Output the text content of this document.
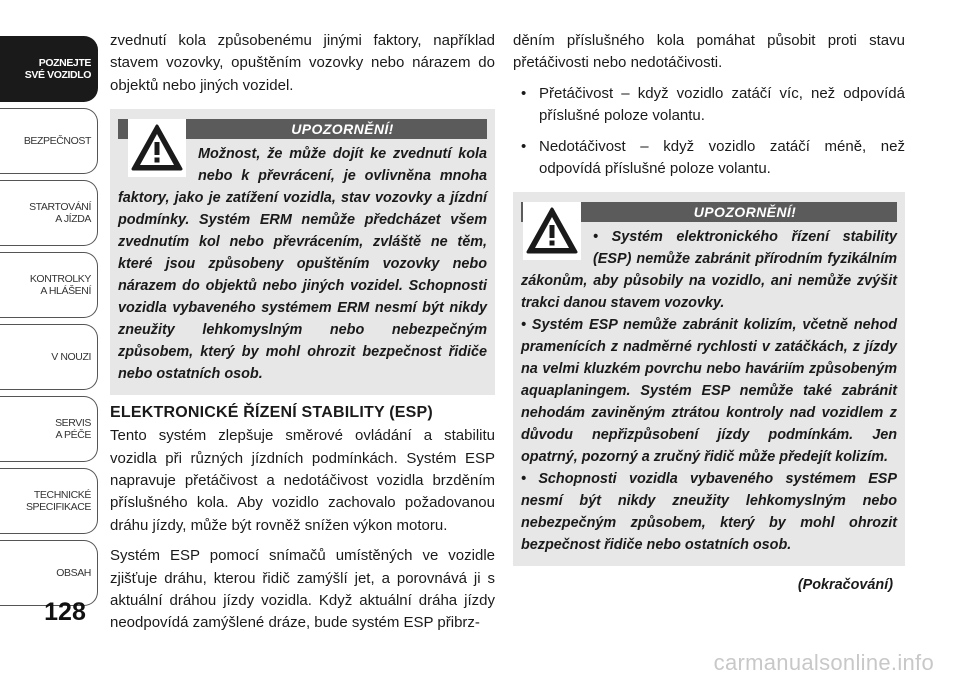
POZNEJTE
SVÉ VOZIDLO
BEZPEČNOST
STARTOVÁNÍ
A JÍZDA
KONTROLKY
A HLÁŠENÍ
V NOUZI
SERVIS
A PÉČE
TECHNICKÉ
SPECIFIKACE
OBSAH
128

zvednutí kola způsobenému jinými faktory, například stavem vozovky, opuštěním vozovky nebo nárazem do objektů nebo jiných vozidel.

UPOZORNĚNÍ!
Možnost, že může dojít ke zvednutí kola nebo k převrácení, je ovlivněna mnoha faktory, jako je zatížení vozidla, stav vozovky a jízdní podmínky. Systém ERM nemůže předcházet všem zvednutím kol nebo převrácením, zvláště ne těm, které jsou způsobeny opuštěním vozovky nebo nárazem do objektů nebo jiných vozidel. Schopnosti vozidla vybaveného systémem ERM nesmí být nikdy zneužity lehkomyslným nebo nebezpečným způsobem, který by mohl ohrozit bezpečnost řidiče nebo ostatních osob.
ELEKTRONICKÉ ŘÍZENÍ STABILITY (ESP)

Tento systém zlepšuje směrové ovládání a stabilitu vozidla při různých jízdních podmínkách. Systém ESP napravuje přetáčivost a nedotáčivost vozidla brzděním příslušného kola. Aby vozidlo zachovalo požadovanou dráhu jízdy, může být rovněž snížen výkon motoru.

Systém ESP pomocí snímačů umístěných ve vozidle zjišťuje dráhu, kterou řidič zamýšlí jet, a porovnává ji s aktuální dráhou jízdy vozidla. Když aktuální dráha jízdy neodpovídá zamýšlené dráze, bude systém ESP přibrz-

děním příslušného kola pomáhat působit proti stavu přetáčivosti nebo nedotáčivosti.

• Přetáčivost – když vozidlo zatáčí víc, než odpovídá příslušné poloze volantu.
• Nedotáčivost – když vozidlo zatáčí méně, než odpovídá příslušné poloze volantu.
UPOZORNĚNÍ!
• Systém elektronického řízení stability (ESP) nemůže zabránit přírodním fyzikálním zákonům, aby působily na vozidlo, ani nemůže zvýšit trakci danou stavem vozovky.
• Systém ESP nemůže zabránit kolizím, včetně nehod pramenících z nadměrné rychlosti v zatáčkách, z jízdy na velmi kluzkém povrchu nebo haváriím způsobeným aquaplaningem. Systém ESP nemůže také zabránit nehodám zaviněným ztrátou kontroly nad vozidlem z důvodu nepřizpůsobení jízdy podmínkám. Jen opatrný, pozorný a zručný řidič může předejít kolizím.
• Schopnosti vozidla vybaveného systémem ESP nesmí být nikdy zneužity lehkomyslným nebo nebezpečným způsobem, který by mohl ohrozit bezpečnost řidiče nebo ostatních osob.
(Pokračování)
carmanualsonline.info
